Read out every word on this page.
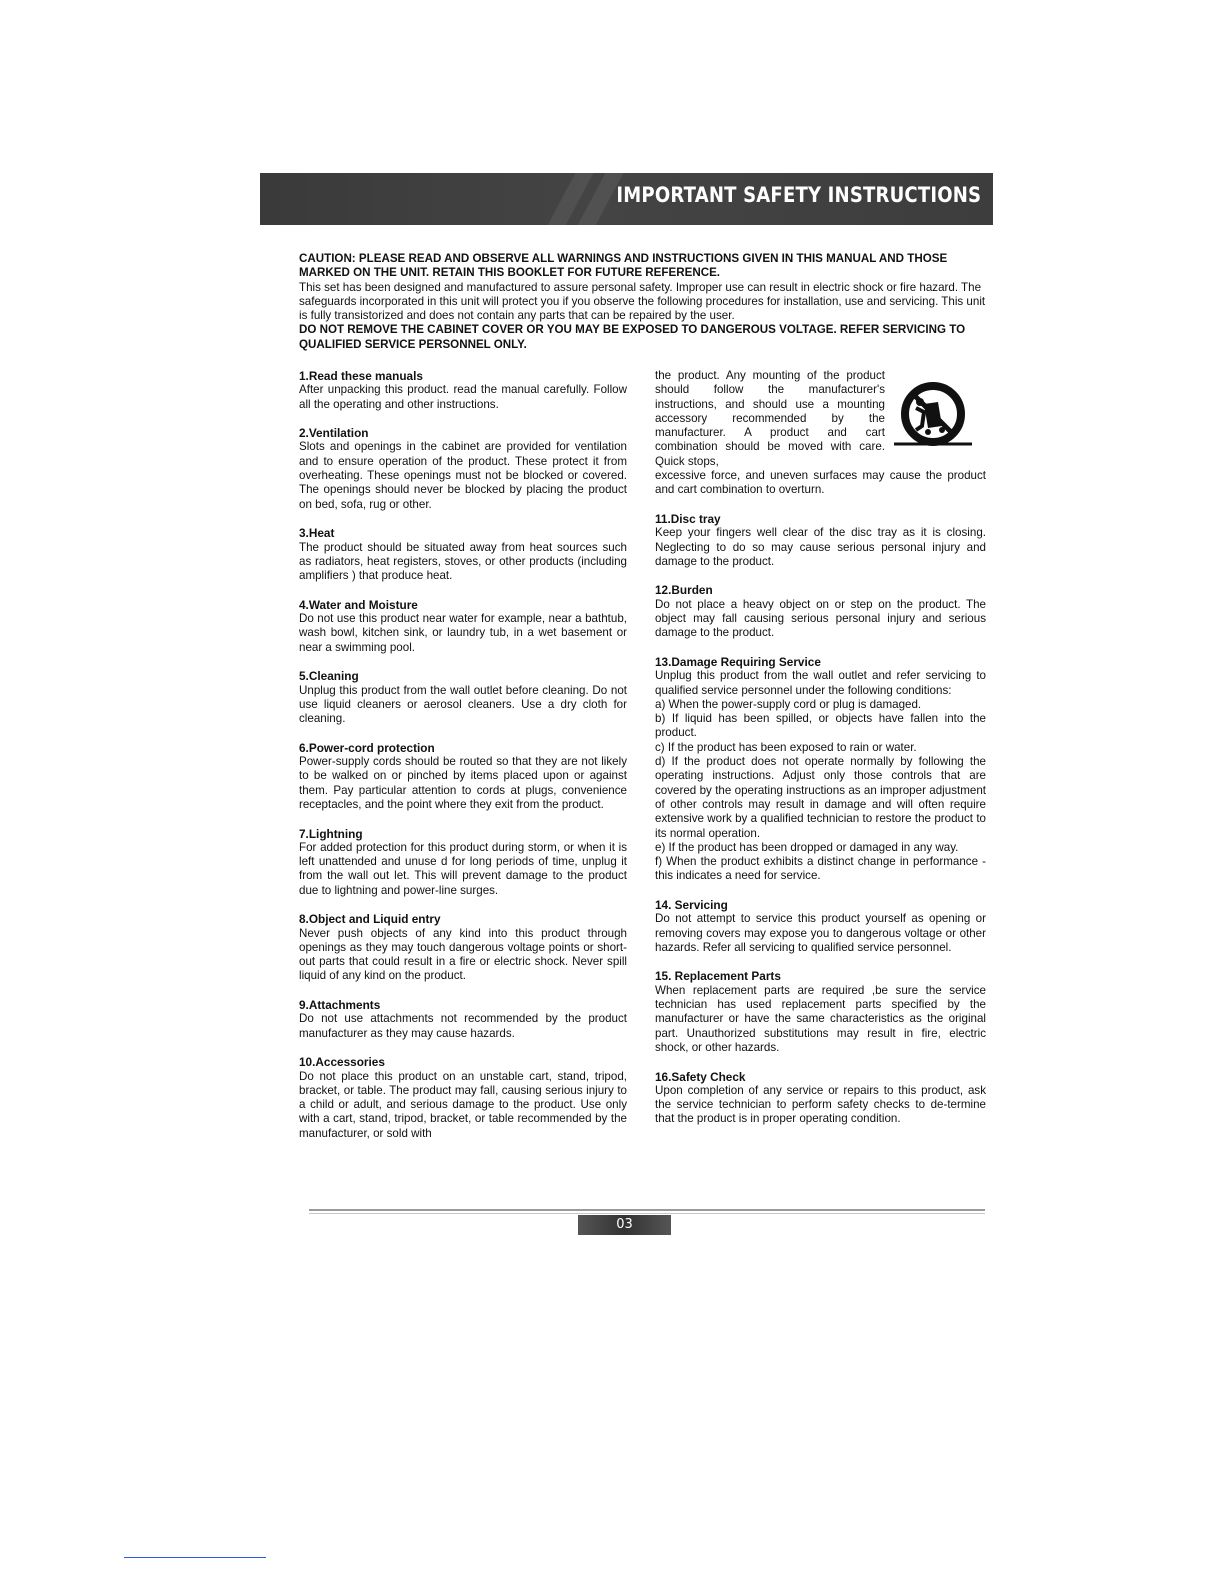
IMPORTANT SAFETY INSTRUCTIONS

CAUTION: PLEASE READ AND OBSERVE ALL WARNINGS AND INSTRUCTIONS GIVEN IN THIS MANUAL AND THOSE MARKED ON THE UNIT. RETAIN THIS BOOKLET FOR FUTURE REFERENCE.

This set has been designed and manufactured to assure personal safety. Improper use can result in electric shock or fire hazard. The safeguards incorporated in this unit will protect you if you observe the following procedures for installation, use and servicing. This unit is fully transistorized and does not contain any parts that can be repaired by the user.

DO NOT REMOVE THE CABINET COVER OR YOU MAY BE EXPOSED TO DANGEROUS VOLTAGE. REFER SERVICING TO QUALIFIED SERVICE PERSONNEL ONLY.

1.Read these manuals

After unpacking this product. read the manual carefully. Follow all the operating and other instructions.

2.Ventilation

Slots and openings in the cabinet are provided for ventilation and to ensure operation of the product. These protect it from overheating. These openings must not be blocked or covered. The openings should never be blocked by placing the product on bed, sofa, rug or other.

3.Heat

The product should be situated away from heat sources such as radiators, heat registers, stoves, or other products (including amplifiers ) that produce heat.

4.Water and Moisture

Do not use this product near water for example, near a bathtub, wash bowl, kitchen sink, or laundry tub, in a wet basement or near a swimming pool.

5.Cleaning

Unplug this product from the wall outlet before cleaning. Do not use liquid cleaners or aerosol cleaners. Use a dry cloth for cleaning.

6.Power-cord protection

Power-supply cords should be routed so that they are not likely to be walked on or pinched by items placed upon or against them. Pay particular attention to cords at plugs, convenience receptacles, and the point where they exit from the product.

7.Lightning

For added protection for this product during storm, or when it is left unattended and unuse d for long periods of time, unplug it from the wall out let. This will prevent damage to the product due to lightning and power-line surges.

8.Object and Liquid entry

Never push objects of any kind into this product through openings as they may touch dangerous voltage points or short-out parts that could result in a fire or electric shock. Never spill liquid of any kind on the product.

9.Attachments

Do not use attachments not recommended by the product manufacturer as they may cause hazards.

10.Accessories

Do not place this product on an unstable cart, stand, tripod, bracket, or table. The product may fall, causing serious injury to a child or adult, and serious damage to the product. Use only with a cart, stand, tripod, bracket, or table recommended by the manufacturer, or sold with

the product. Any mounting of the product should follow the manufacturer's instructions, and should use a mounting accessory recommended by the manufacturer. A product and cart combination should be moved with care. Quick stops,

excessive force, and uneven surfaces may cause the product and cart combination to overturn.

11.Disc tray

Keep your fingers well clear of the disc tray as it is closing. Neglecting to do so may cause serious personal injury and damage to the product.

12.Burden

Do not place a heavy object on or step on the product. The object may fall causing serious personal injury and serious damage to the product.

13.Damage Requiring Service

Unplug this product from the wall outlet and refer servicing to qualified service personnel under the following conditions:

a) When the power-supply cord or plug is damaged.

b) If liquid has been spilled, or objects have fallen into the product.

c) If the product has been exposed to rain or water.

d) If the product does not operate normally by following the operating instructions. Adjust only those controls that are covered by the operating instructions as an improper adjustment of other controls may result in damage and will often require extensive work by a qualified technician to restore the product to its normal operation.

e) If the product has been dropped or damaged in any way.

f) When the product exhibits a distinct change in performance - this indicates a need for service.

14. Servicing

Do not attempt to service this product yourself as opening or removing covers may expose you to dangerous voltage or other hazards. Refer all servicing to qualified service personnel.

15. Replacement Parts

When replacement parts are required ,be sure the service technician has used replacement parts specified by the manufacturer or have the same characteristics as the original part. Unauthorized substitutions may result in fire, electric shock, or other hazards.

16.Safety Check

Upon completion of any service or repairs to this product, ask the service technician to perform safety checks to de-termine that the product is in proper operating condition.

03
